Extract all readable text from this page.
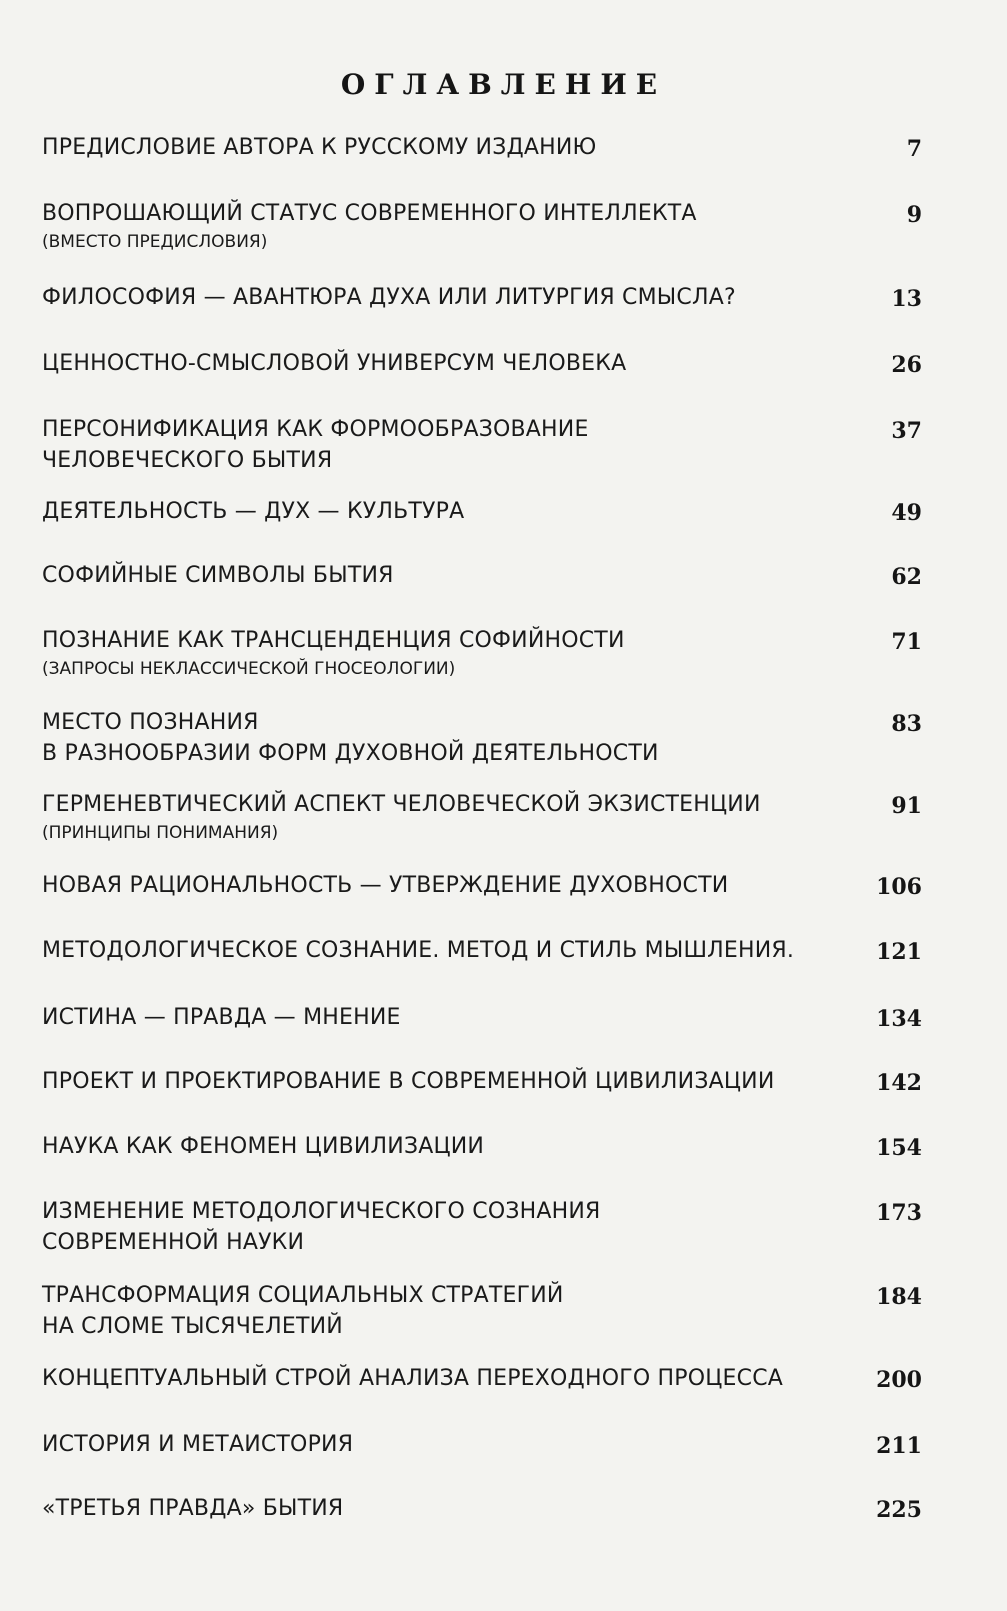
ОГЛАВЛЕНИЕ
ПРЕДИСЛОВИЕ АВТОРА К РУССКОМУ ИЗДАНИЮ	7
ВОПРОШАЮЩИЙ СТАТУС СОВРЕМЕННОГО ИНТЕЛЛЕКТА
(ВМЕСТО ПРЕДИСЛОВИЯ)
9
ФИЛОСОФИЯ — АВАНТЮРА ДУХА ИЛИ ЛИТУРГИЯ СМЫСЛА?	13
ЦЕННОСТНО-СМЫСЛОВОЙ УНИВЕРСУМ ЧЕЛОВЕКА	26
ПЕРСОНИФИКАЦИЯ КАК ФОРМООБРАЗОВАНИЕ
ЧЕЛОВЕЧЕСКОГО БЫТИЯ
37
ДЕЯТЕЛЬНОСТЬ — ДУХ — КУЛЬТУРА	49
СОФИЙНЫЕ СИМВОЛЫ БЫТИЯ	62
ПОЗНАНИЕ КАК ТРАНСЦЕНДЕНЦИЯ СОФИЙНОСТИ
(ЗАПРОСЫ НЕКЛАССИЧЕСКОЙ ГНОСЕОЛОГИИ)
71
МЕСТО ПОЗНАНИЯ
В РАЗНООБРАЗИИ ФОРМ ДУХОВНОЙ ДЕЯТЕЛЬНОСТИ
83
ГЕРМЕНЕВТИЧЕСКИЙ АСПЕКТ ЧЕЛОВЕЧЕСКОЙ ЭКЗИСТЕНЦИИ
(ПРИНЦИПЫ ПОНИМАНИЯ)
91
НОВАЯ РАЦИОНАЛЬНОСТЬ — УТВЕРЖДЕНИЕ ДУХОВНОСТИ	106
МЕТОДОЛОГИЧЕСКОЕ СОЗНАНИЕ. МЕТОД И СТИЛЬ МЫШЛЕНИЯ.	121
ИСТИНА — ПРАВДА — МНЕНИЕ	134
ПРОЕКТ И ПРОЕКТИРОВАНИЕ В СОВРЕМЕННОЙ ЦИВИЛИЗАЦИИ	142
НАУКА КАК ФЕНОМЕН ЦИВИЛИЗАЦИИ	154
ИЗМЕНЕНИЕ МЕТОДОЛОГИЧЕСКОГО СОЗНАНИЯ
СОВРЕМЕННОЙ НАУКИ
173
ТРАНСФОРМАЦИЯ СОЦИАЛЬНЫХ СТРАТЕГИЙ
НА СЛОМЕ ТЫСЯЧЕЛЕТИЙ
184
КОНЦЕПТУАЛЬНЫЙ СТРОЙ АНАЛИЗА ПЕРЕХОДНОГО ПРОЦЕССА	200
ИСТОРИЯ И МЕТАИСТОРИЯ	211
«ТРЕТЬЯ ПРАВДА» БЫТИЯ	225
